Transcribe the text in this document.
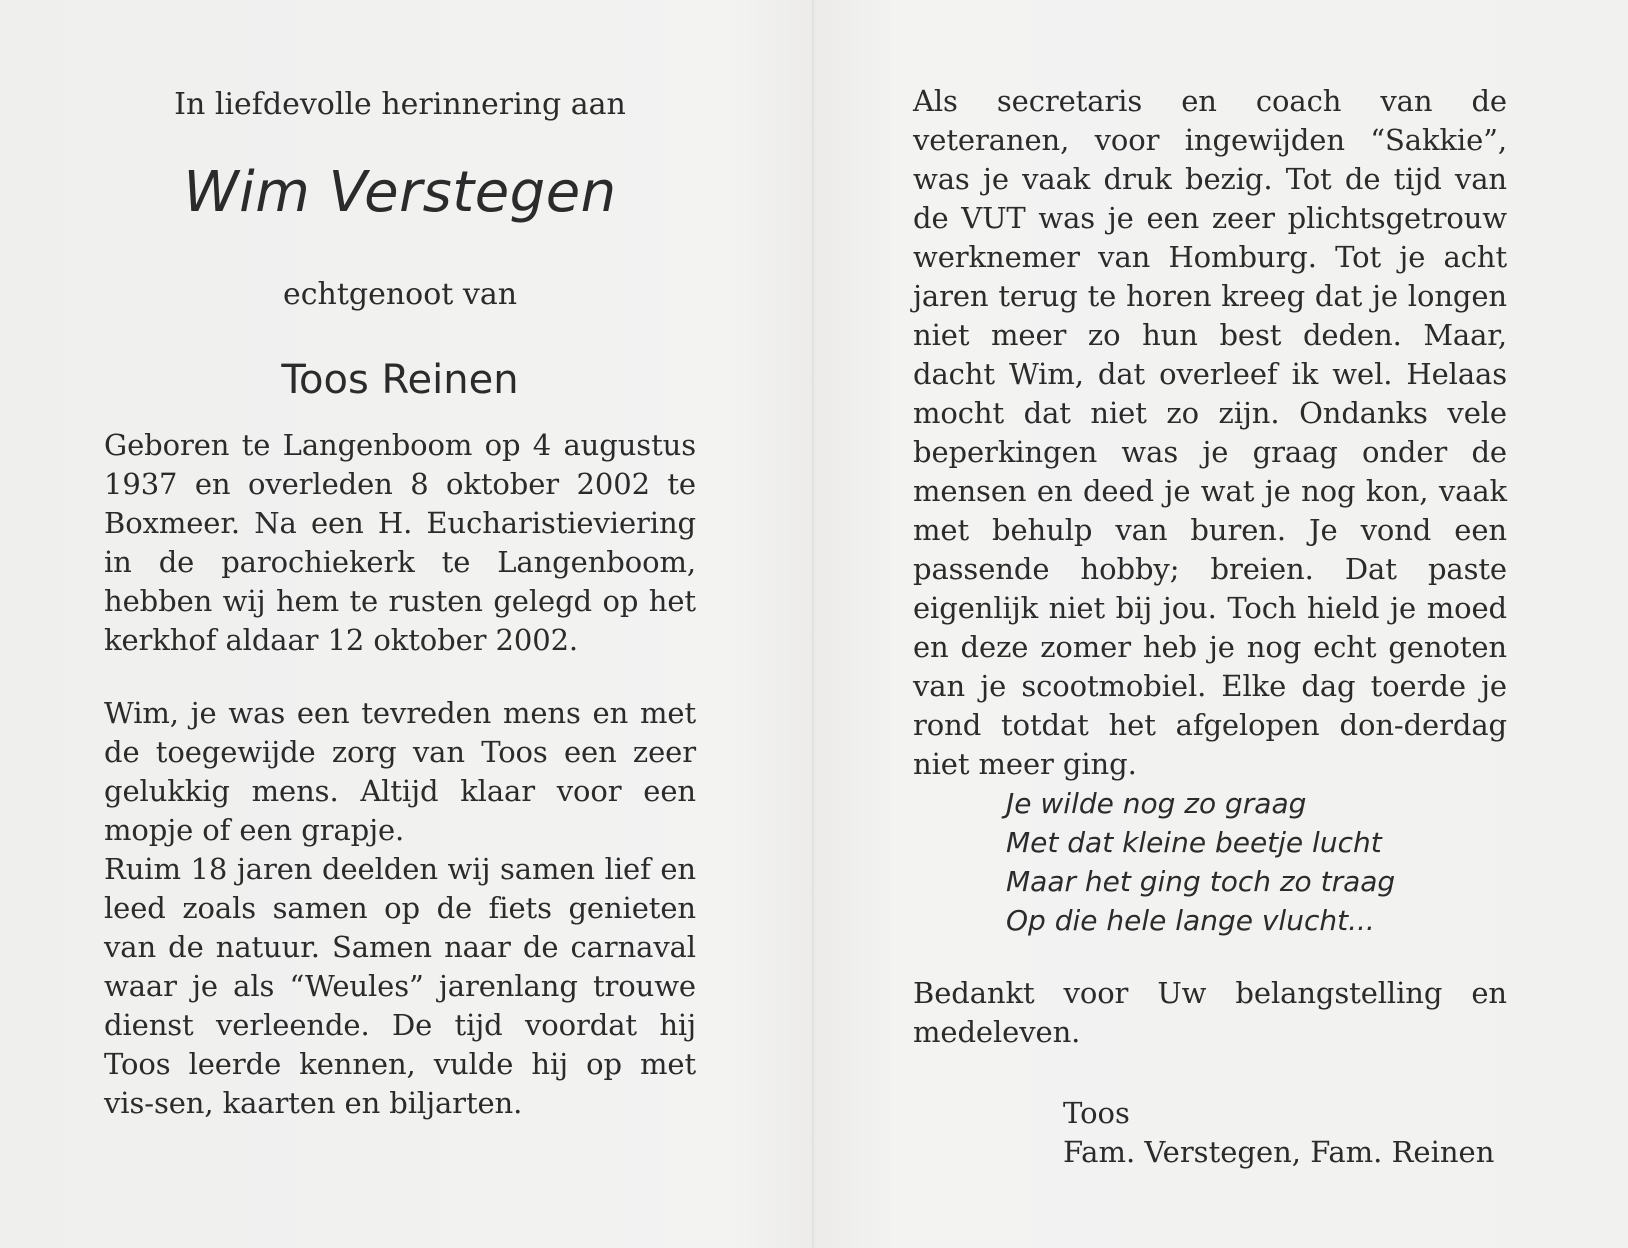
In liefdevolle herinnering aan
Wim Verstegen
echtgenoot van
Toos Reinen
Geboren te Langenboom op 4 augustus 1937 en overleden 8 oktober 2002 te Boxmeer. Na een H. Eucharistieviering in de parochiekerk te Langenboom, hebben wij hem te rusten gelegd op het kerkhof aldaar 12 oktober 2002.
Wim, je was een tevreden mens en met de toegewijde zorg van Toos een zeer gelukkig mens. Altijd klaar voor een mopje of een grapje.
Ruim 18 jaren deelden wij samen lief en leed zoals samen op de fiets genieten van de natuur. Samen naar de carnaval waar je als “Weules” jarenlang trouwe dienst verleende. De tijd voordat hij Toos leerde kennen, vulde hij op met vis-sen, kaarten en biljarten.
Als secretaris en coach van de veteranen, voor ingewijden “Sakkie”, was je vaak druk bezig. Tot de tijd van de VUT was je een zeer plichtsgetrouw werknemer van Homburg. Tot je acht jaren terug te horen kreeg dat je longen niet meer zo hun best deden. Maar, dacht Wim, dat overleef ik wel. Helaas mocht dat niet zo zijn. Ondanks vele beperkingen was je graag onder de mensen en deed je wat je nog kon, vaak met behulp van buren. Je vond een passende hobby; breien. Dat paste eigenlijk niet bij jou. Toch hield je moed en deze zomer heb je nog echt genoten van je scootmobiel. Elke dag toerde je rond totdat het afgelopen don-derdag niet meer ging.
Je wilde nog zo graag
Met dat kleine beetje lucht
Maar het ging toch zo traag
Op die hele lange vlucht...
Bedankt voor Uw belangstelling en medeleven.
Toos
Fam. Verstegen, Fam. Reinen
